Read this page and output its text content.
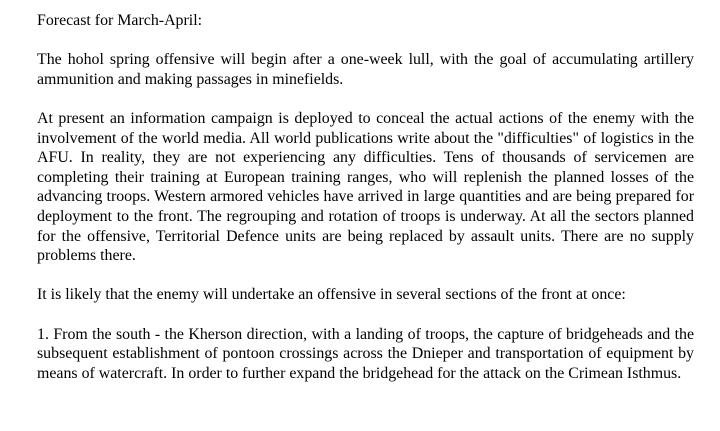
Forecast for March-April:

The hohol spring offensive will begin after a one-week lull, with the goal of accumulating artillery ammunition and making passages in minefields.

At present an information campaign is deployed to conceal the actual actions of the enemy with the involvement of the world media. All world publications write about the "difficulties" of logistics in the AFU. In reality, they are not experiencing any difficulties. Tens of thousands of servicemen are completing their training at European training ranges, who will replenish the planned losses of the advancing troops. Western armored vehicles have arrived in large quantities and are being prepared for deployment to the front. The regrouping and rotation of troops is underway. At all the sectors planned for the offensive, Territorial Defence units are being replaced by assault units. There are no supply problems there.

It is likely that the enemy will undertake an offensive in several sections of the front at once:

1. From the south - the Kherson direction, with a landing of troops, the capture of bridgeheads and the subsequent establishment of pontoon crossings across the Dnieper and transportation of equipment by means of watercraft. In order to further expand the bridgehead for the attack on the Crimean Isthmus.
